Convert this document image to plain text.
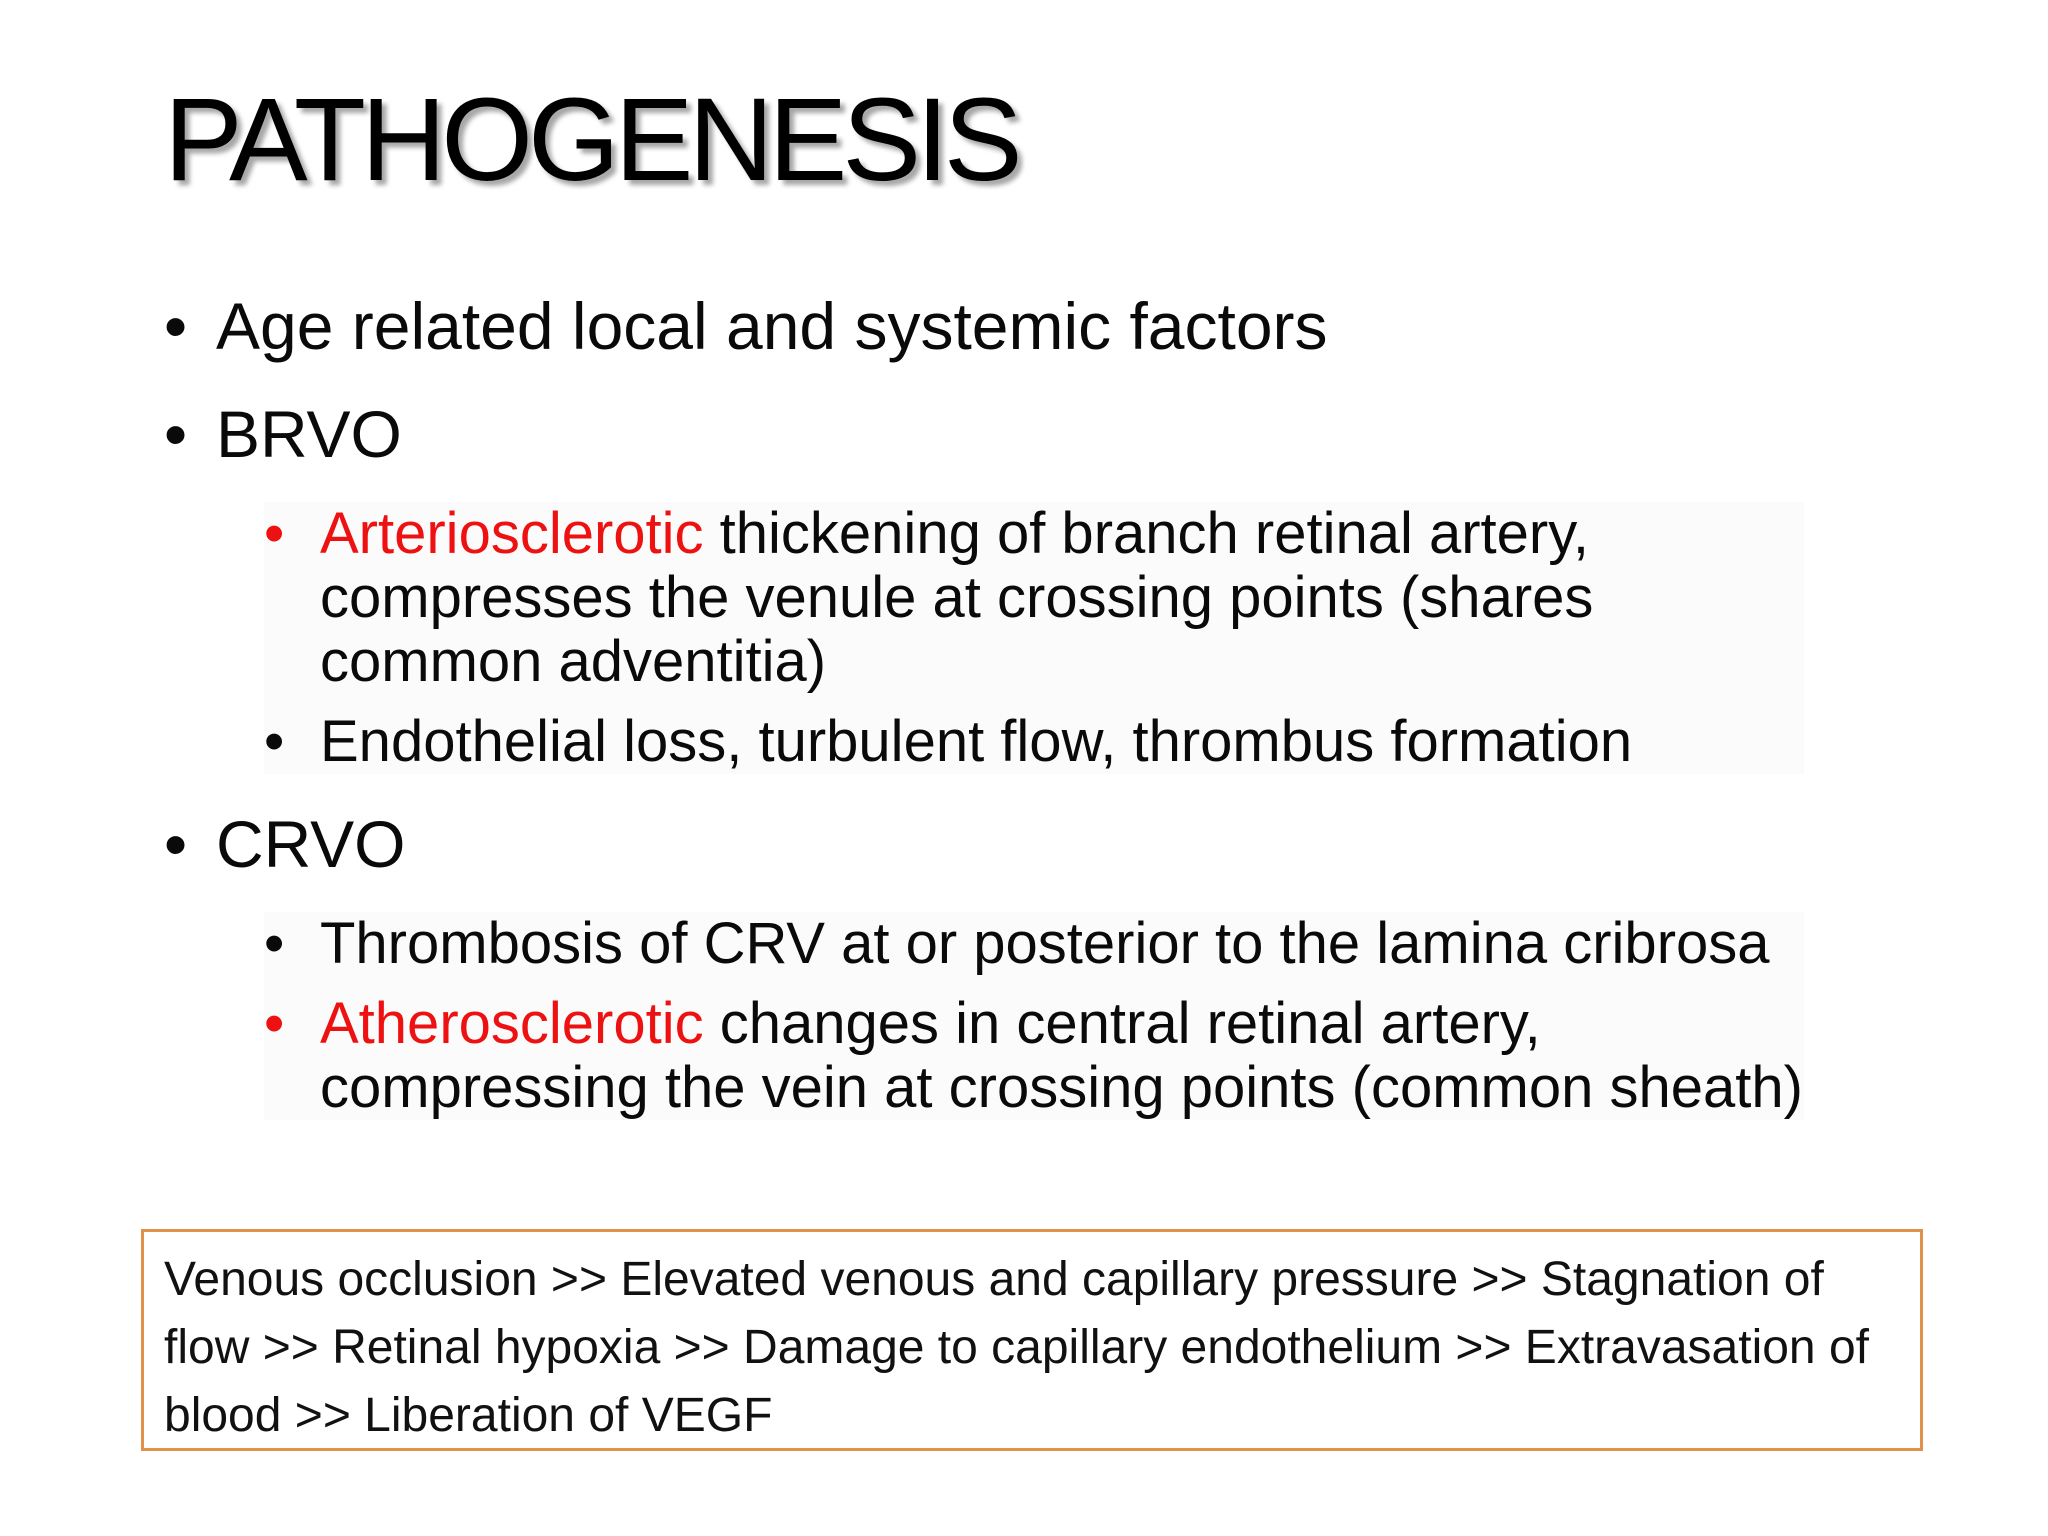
PATHOGENESIS
• Age related local and systemic factors
• BRVO
• Arteriosclerotic thickening of branch retinal artery, compresses the venule at crossing points (shares common adventitia)
• Endothelial loss, turbulent flow, thrombus formation
• CRVO
• Thrombosis of CRV at or posterior to the lamina cribrosa
• Atherosclerotic changes in central retinal artery, compressing the vein at crossing points (common sheath)
Venous occlusion >> Elevated venous and capillary pressure >> Stagnation of flow >> Retinal hypoxia >> Damage to capillary endothelium >> Extravasation of blood >> Liberation of VEGF
